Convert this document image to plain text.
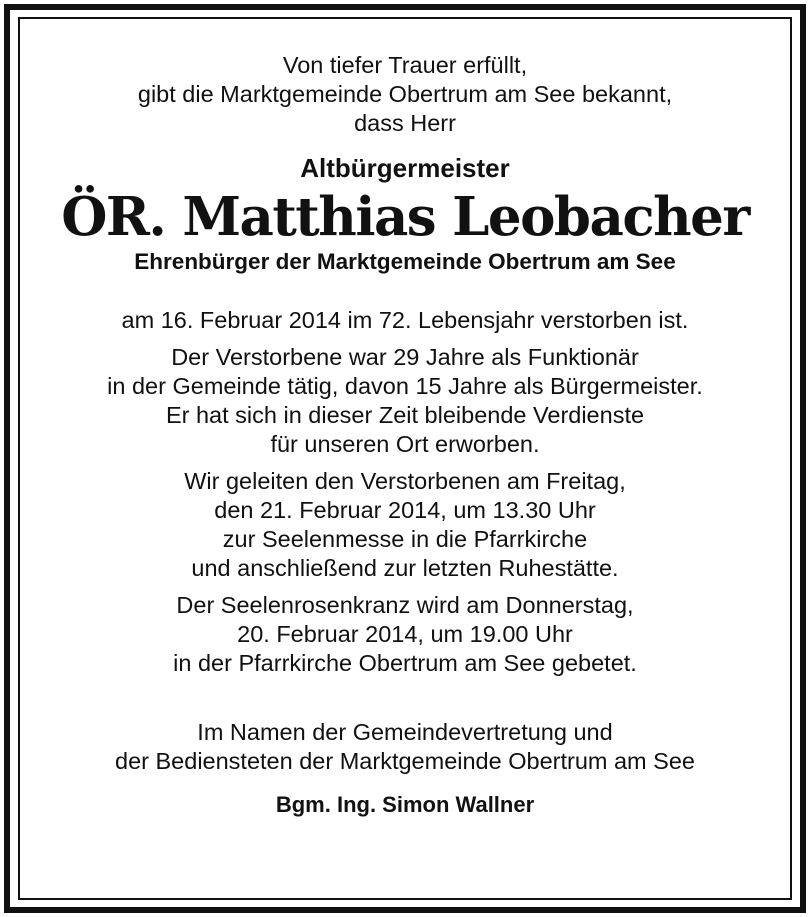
Von tiefer Trauer erfüllt,
gibt die Marktgemeinde Obertrum am See bekannt,
dass Herr
Altbürgermeister
ÖR. Matthias Leobacher
Ehrenbürger der Marktgemeinde Obertrum am See
am 16. Februar 2014 im 72. Lebensjahr verstorben ist.
Der Verstorbene war 29 Jahre als Funktionär
in der Gemeinde tätig, davon 15 Jahre als Bürgermeister.
Er hat sich in dieser Zeit bleibende Verdienste
für unseren Ort erworben.
Wir geleiten den Verstorbenen am Freitag,
den 21. Februar 2014, um 13.30 Uhr
zur Seelenmesse in die Pfarrkirche
und anschließend zur letzten Ruhestätte.
Der Seelenrosenkranz wird am Donnerstag,
20. Februar 2014, um 19.00 Uhr
in der Pfarrkirche Obertrum am See gebetet.
Im Namen der Gemeindevertretung und
der Bediensteten der Marktgemeinde Obertrum am See
Bgm. Ing. Simon Wallner
